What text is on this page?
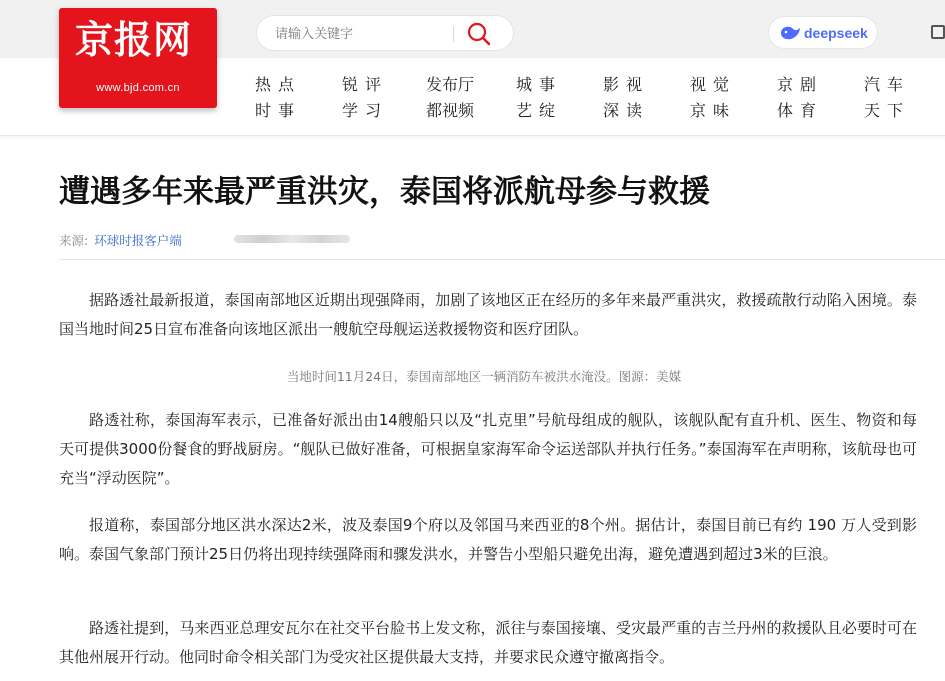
京报网
www.bjd.com.cn
请输入关键字
deepseek
热点
时事
锐评
学习
发布厅
都视频
城事
艺绽
影视
深读
视觉
京味
京剧
体育
汽车
天下
遭遇多年来最严重洪灾，泰国将派航母参与救援
来源: 环球时报客户端

据路透社最新报道，泰国南部地区近期出现强降雨，加剧了该地区正在经历的多年来最严重洪灾，救援疏散行动陷入困境。泰国当地时间25日宣布准备向该地区派出一艘航空母舰运送救援物资和医疗团队。

当地时间11月24日，泰国南部地区一辆消防车被洪水淹没。图源：美媒

路透社称，泰国海军表示，已准备好派出由14艘船只以及“扎克里”号航母组成的舰队，该舰队配有直升机、医生、物资和每天可提供3000份餐食的野战厨房。“舰队已做好准备，可根据皇家海军命令运送部队并执行任务。”泰国海军在声明称，该航母也可充当“浮动医院”。

报道称，泰国部分地区洪水深达2米，波及泰国9个府以及邻国马来西亚的8个州。据估计，泰国目前已有约 190 万人受到影响。泰国气象部门预计25日仍将出现持续强降雨和骤发洪水，并警告小型船只避免出海，避免遭遇到超过3米的巨浪。

路透社提到，马来西亚总理安瓦尔在社交平台脸书上发文称，派往与泰国接壤、受灾最严重的吉兰丹州的救援队且必要时可在其他州展开行动。他同时命令相关部门为受灾社区提供最大支持，并要求民众遵守撤离指令。
